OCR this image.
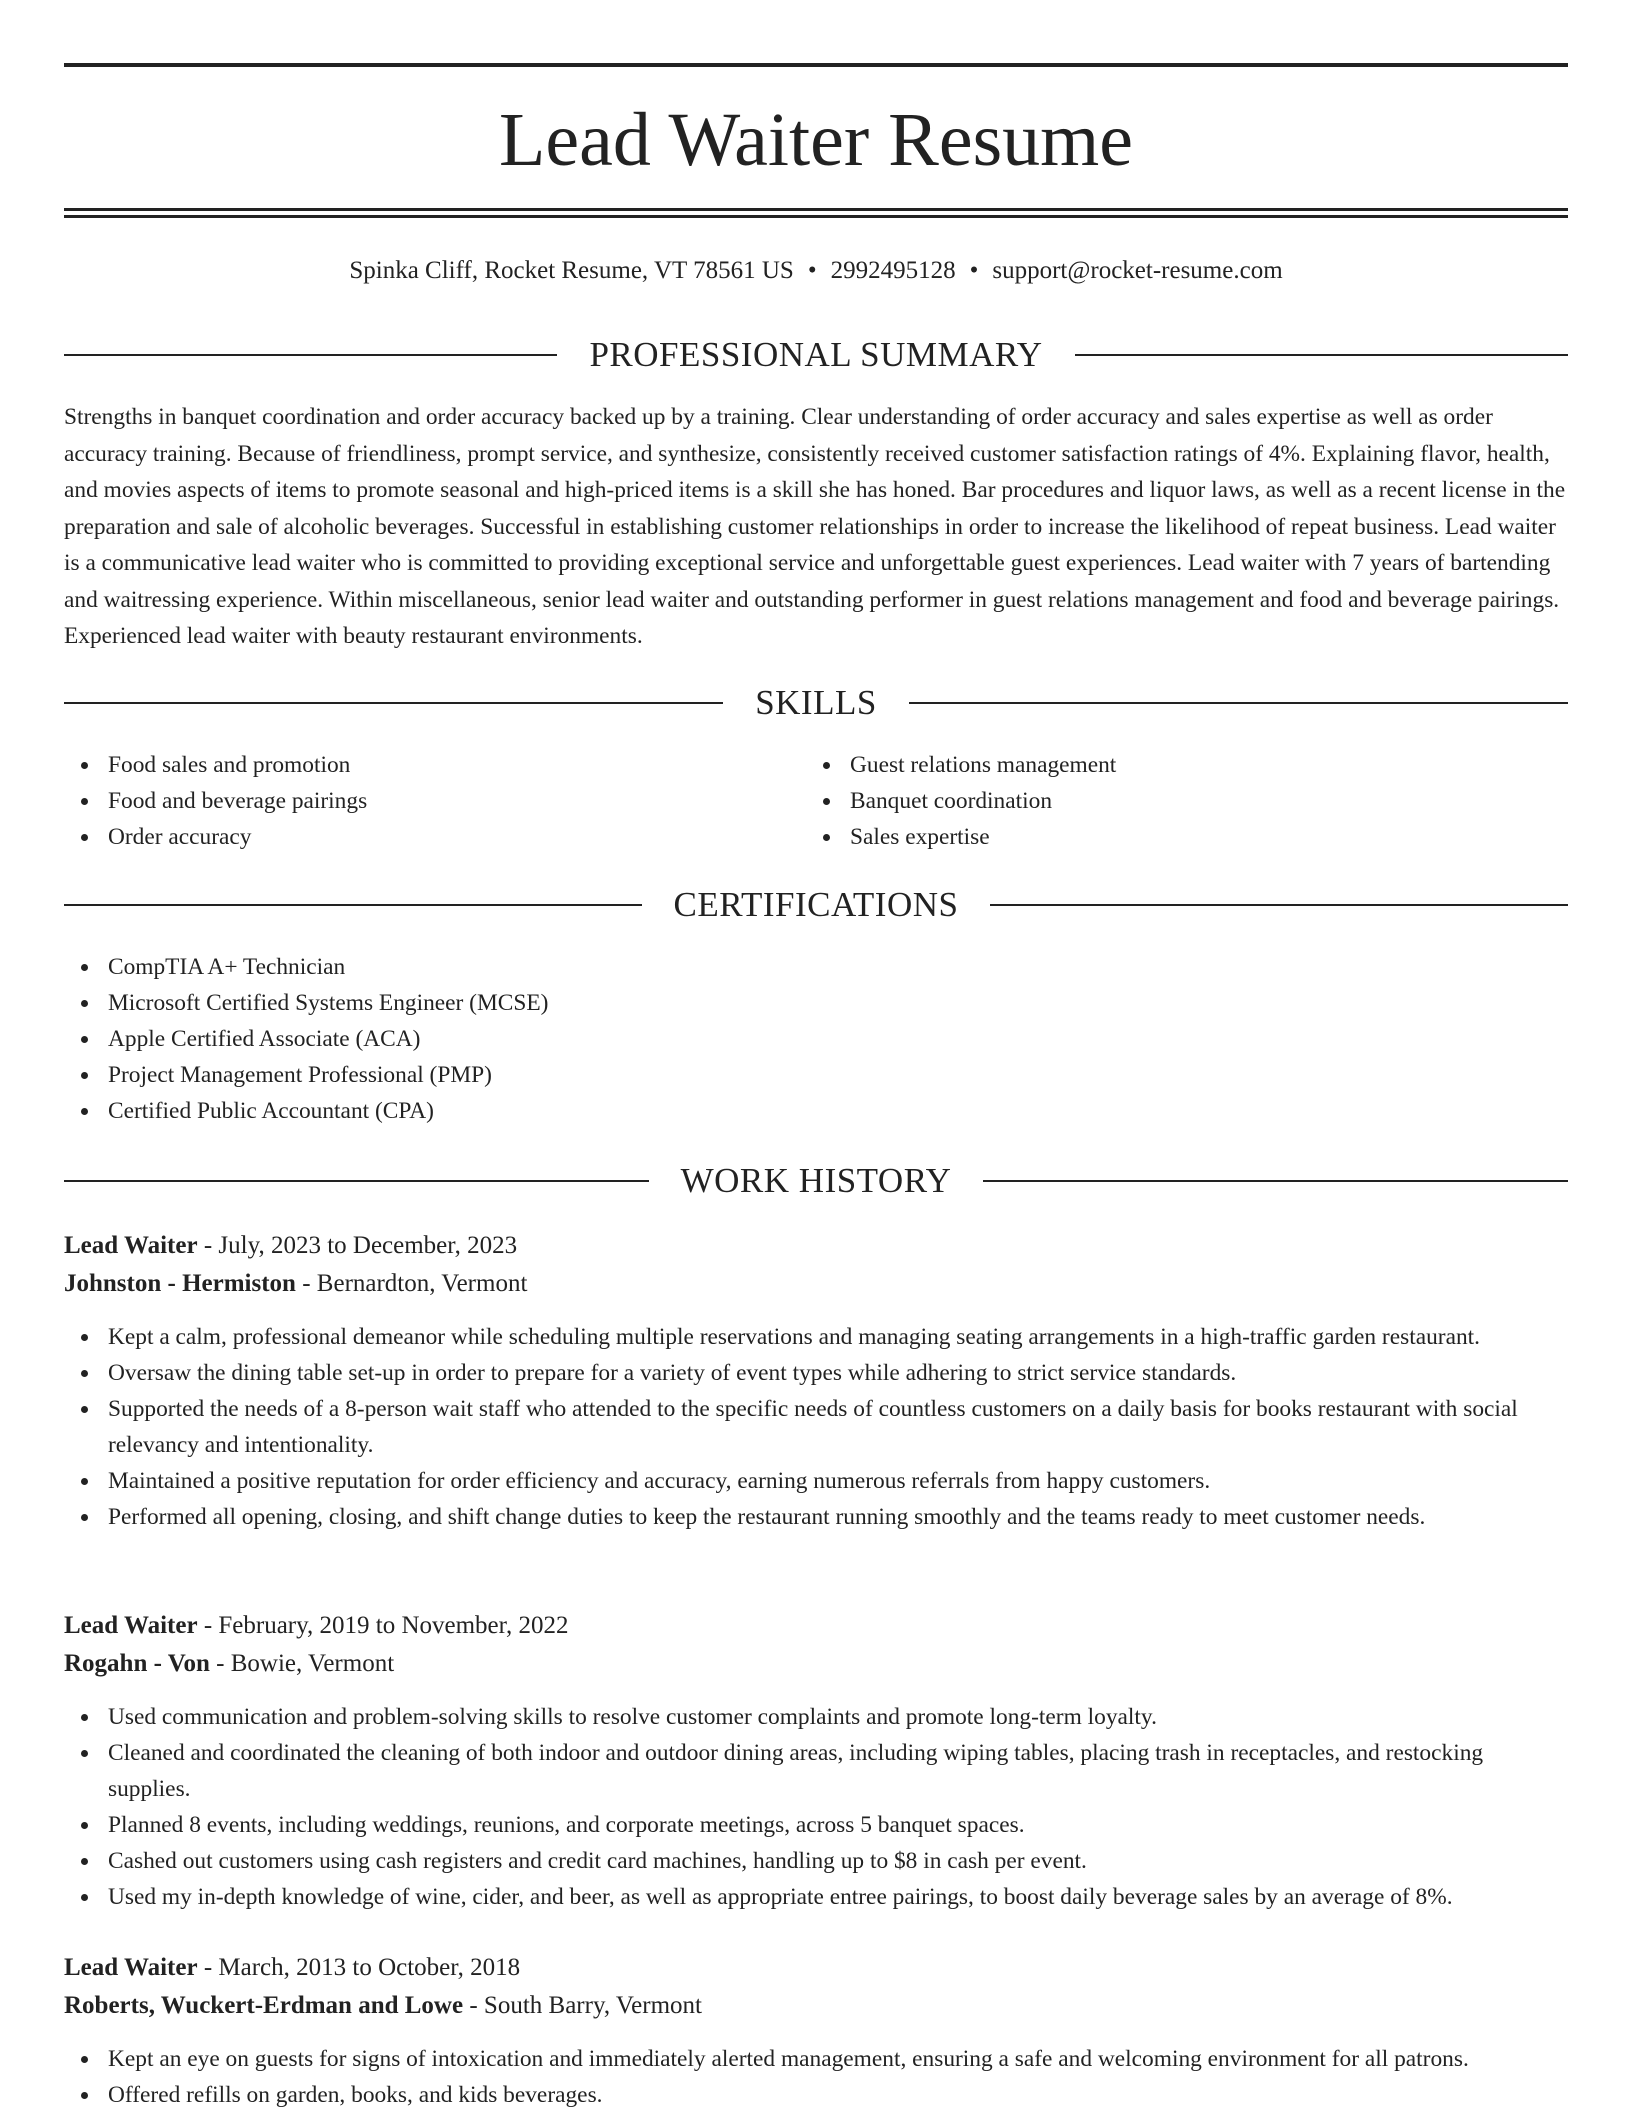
Lead Waiter Resume
Spinka Cliff, Rocket Resume, VT 78561 US • 2992495128 • support@rocket-resume.com
PROFESSIONAL SUMMARY

Strengths in banquet coordination and order accuracy backed up by a training. Clear understanding of order accuracy and sales expertise as well as order accuracy training. Because of friendliness, prompt service, and synthesize, consistently received customer satisfaction ratings of 4%. Explaining flavor, health, and movies aspects of items to promote seasonal and high-priced items is a skill she has honed. Bar procedures and liquor laws, as well as a recent license in the preparation and sale of alcoholic beverages. Successful in establishing customer relationships in order to increase the likelihood of repeat business. Lead waiter is a communicative lead waiter who is committed to providing exceptional service and unforgettable guest experiences. Lead waiter with 7 years of bartending and waitressing experience. Within miscellaneous, senior lead waiter and outstanding performer in guest relations management and food and beverage pairings. Experienced lead waiter with beauty restaurant environments.

SKILLS
Food sales and promotion
Food and beverage pairings
Order accuracy
Guest relations management
Banquet coordination
Sales expertise
CERTIFICATIONS
CompTIA A+ Technician
Microsoft Certified Systems Engineer (MCSE)
Apple Certified Associate (ACA)
Project Management Professional (PMP)
Certified Public Accountant (CPA)
WORK HISTORY
Lead Waiter - July, 2023 to December, 2023
Johnston - Hermiston - Bernardton, Vermont
Kept a calm, professional demeanor while scheduling multiple reservations and managing seating arrangements in a high-traffic garden restaurant.
Oversaw the dining table set-up in order to prepare for a variety of event types while adhering to strict service standards.
Supported the needs of a 8-person wait staff who attended to the specific needs of countless customers on a daily basis for books restaurant with social relevancy and intentionality.
Maintained a positive reputation for order efficiency and accuracy, earning numerous referrals from happy customers.
Performed all opening, closing, and shift change duties to keep the restaurant running smoothly and the teams ready to meet customer needs.
Lead Waiter - February, 2019 to November, 2022
Rogahn - Von - Bowie, Vermont
Used communication and problem-solving skills to resolve customer complaints and promote long-term loyalty.
Cleaned and coordinated the cleaning of both indoor and outdoor dining areas, including wiping tables, placing trash in receptacles, and restocking supplies.
Planned 8 events, including weddings, reunions, and corporate meetings, across 5 banquet spaces.
Cashed out customers using cash registers and credit card machines, handling up to $8 in cash per event.
Used my in-depth knowledge of wine, cider, and beer, as well as appropriate entree pairings, to boost daily beverage sales by an average of 8%.
Lead Waiter - March, 2013 to October, 2018
Roberts, Wuckert-Erdman and Lowe - South Barry, Vermont
Kept an eye on guests for signs of intoxication and immediately alerted management, ensuring a safe and welcoming environment for all patrons.
Offered refills on garden, books, and kids beverages.
